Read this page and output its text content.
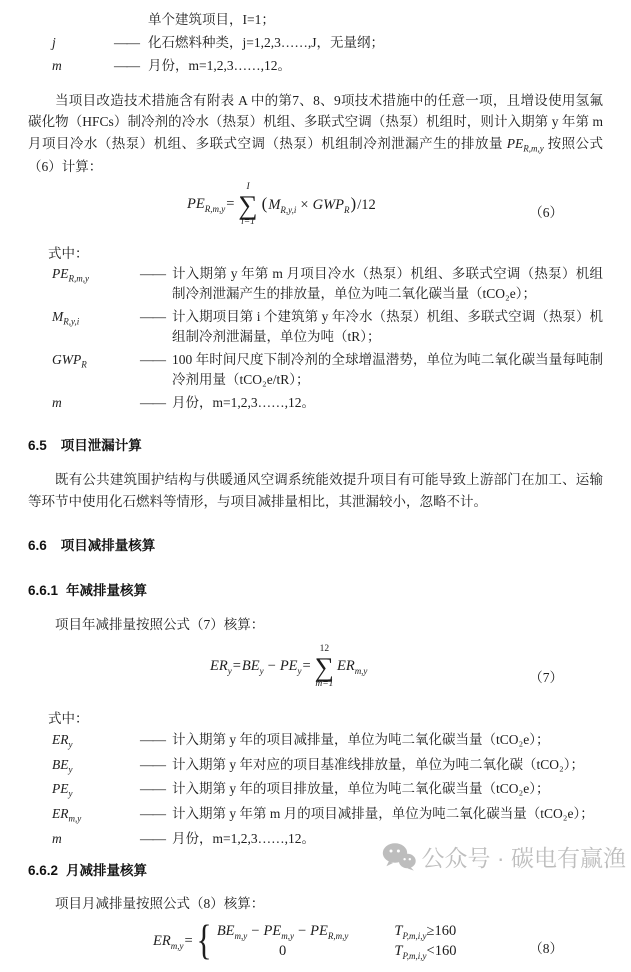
单个建筑项目，I=1；
j	—— 化石燃料种类，j=1,2,3……,J，无量纲；
m	—— 月份，m=1,2,3……,12。

当项目改造技术措施含有附表 A 中的第7、8、9项技术措施中的任意一项，且增设使用氢氟碳化物（HFCs）制冷剂的冷水（热泵）机组、多联式空调（热泵）机组时，则计入期第 y 年第 m 月项目冷水（热泵）机组、多联式空调（热泵）机组制冷剂泄漏产生的排放量 $PE_{R,m,y}$ 按照公式（6）计算：

$PE_{R,m,y}=$
I
∑
i=1
$(M_{R,y,i} \times GWP_R)/12$	（6）

式中：

$PE_{R,m,y}$	—— 计入期第 y 年第 m 月项目冷水（热泵）机组、多联式空调（热泵）机组制冷剂泄漏产生的排放量，单位为吨二氧化碳当量（tCO₂e）；
$M_{R,y,i}$	—— 计入期项目第 i 个建筑第 y 年冷水（热泵）机组、多联式空调（热泵）机组制冷剂泄漏量，单位为吨（tR）；
$GWP_R$	—— 100 年时间尺度下制冷剂的全球增温潜势，单位为吨二氧化碳当量每吨制冷剂用量（tCO₂e/tR）；
m	—— 月份，m=1,2,3……,12。
6.5 项目泄漏计算

既有公共建筑围护结构与供暖通风空调系统能效提升项目有可能导致上游部门在加工、运输等环节中使用化石燃料等情形，与项目减排量相比，其泄漏较小，忽略不计。

6.6 项目减排量核算
6.6.1 年减排量核算

项目年减排量按照公式（7）核算：

$ER_y=BE_y - PE_y=$
12
∑
m=1
$ER_{m,y}$	（7）

式中：

$ER_y$	—— 计入期第 y 年的项目减排量，单位为吨二氧化碳当量（tCO₂e）；
$BE_y$	—— 计入期第 y 年对应的项目基准线排放量，单位为吨二氧化碳（tCO₂）；
$PE_y$	—— 计入期第 y 年的项目排放量，单位为吨二氧化碳当量（tCO₂e）；
$ER_{m,y}$	—— 计入期第 y 年第 m 月的项目减排量，单位为吨二氧化碳当量（tCO₂e）；
m	—— 月份，m=1,2,3……,12。
6.6.2 月减排量核算

项目月减排量按照公式（8）核算：

$ER_{m,y}=$ { $BE_{m,y} - PE_{m,y} - PE_{R,m,y}$	$T_{P,m,i,y}\ge 160$
0	$T_{P,m,i,y}<160$	（8）
公众号 · 碳电有赢渔
